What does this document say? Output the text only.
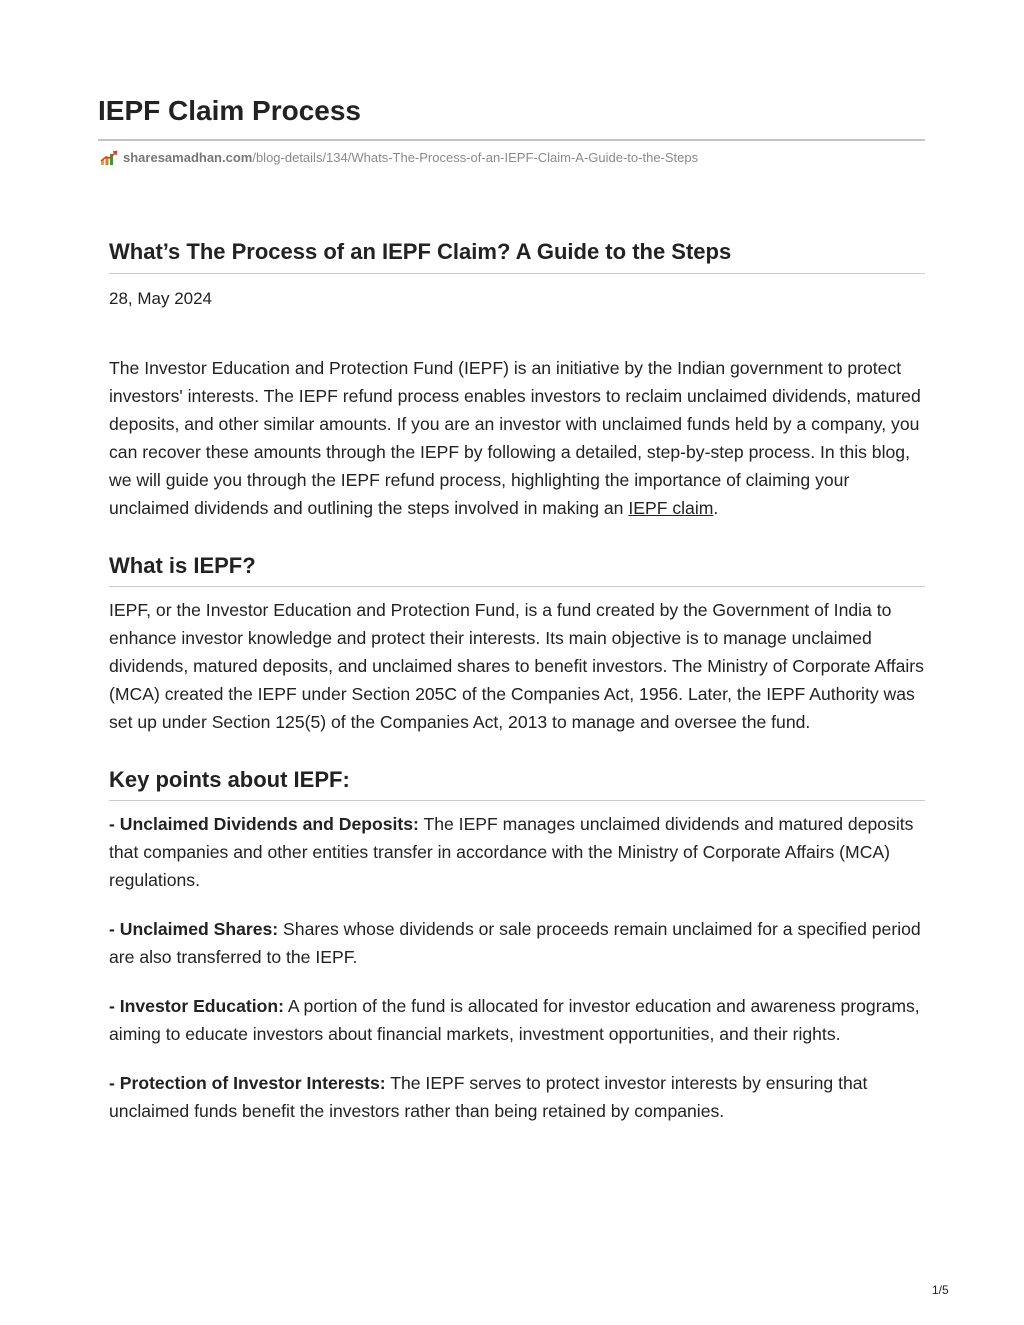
IEPF Claim Process
sharesamadhan.com /blog-details/134/Whats-The-Process-of-an-IEPF-Claim-A-Guide-to-the-Steps
What’s The Process of an IEPF Claim? A Guide to the Steps

28, May 2024

The Investor Education and Protection Fund (IEPF) is an initiative by the Indian government to protect investors' interests. The IEPF refund process enables investors to reclaim unclaimed dividends, matured deposits, and other similar amounts. If you are an investor with unclaimed funds held by a company, you can recover these amounts through the IEPF by following a detailed, step-by-step process. In this blog, we will guide you through the IEPF refund process, highlighting the importance of claiming your unclaimed dividends and outlining the steps involved in making an IEPF claim.

What is IEPF?

IEPF, or the Investor Education and Protection Fund, is a fund created by the Government of India to enhance investor knowledge and protect their interests. Its main objective is to manage unclaimed dividends, matured deposits, and unclaimed shares to benefit investors. The Ministry of Corporate Affairs (MCA) created the IEPF under Section 205C of the Companies Act, 1956. Later, the IEPF Authority was set up under Section 125(5) of the Companies Act, 2013 to manage and oversee the fund.

Key points about IEPF:

- Unclaimed Dividends and Deposits: The IEPF manages unclaimed dividends and matured deposits that companies and other entities transfer in accordance with the Ministry of Corporate Affairs (MCA) regulations.

- Unclaimed Shares: Shares whose dividends or sale proceeds remain unclaimed for a specified period are also transferred to the IEPF.

- Investor Education: A portion of the fund is allocated for investor education and awareness programs, aiming to educate investors about financial markets, investment opportunities, and their rights.

- Protection of Investor Interests: The IEPF serves to protect investor interests by ensuring that unclaimed funds benefit the investors rather than being retained by companies.

1/5
